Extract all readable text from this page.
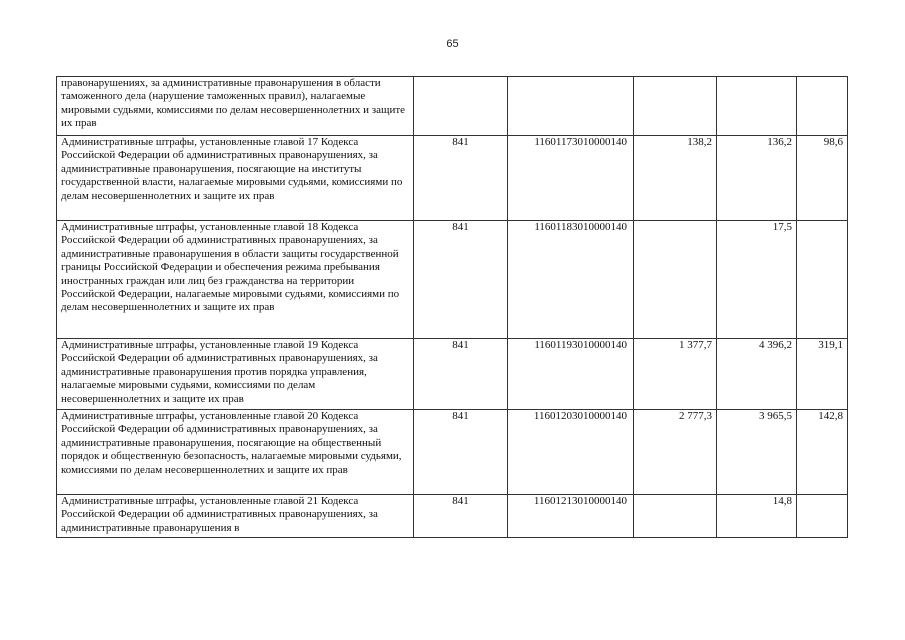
65
правонарушениях, за административные правонарушения в области таможенного дела (нарушение таможенных правил), налагаемые мировыми судьями, комиссиями по делам несовершеннолетних и защите их прав					
Административные штрафы, установленные главой 17 Кодекса Российской Федерации об административных правонарушениях, за административные правонарушения, посягающие на институты государственной власти, налагаемые мировыми судьями, комиссиями по делам несовершеннолетних и защите их прав	841	11601173010000140	138,2	136,2	98,6
Административные штрафы, установленные главой 18 Кодекса Российской Федерации об административных правонарушениях, за административные правонарушения в области защиты государственной границы Российской Федерации и обеспечения режима пребывания иностранных граждан или лиц без гражданства на территории Российской Федерации, налагаемые мировыми судьями, комиссиями по делам несовершеннолетних и защите их прав	841	11601183010000140		17,5	
Административные штрафы, установленные главой 19 Кодекса Российской Федерации об административных правонарушениях, за административные правонарушения против порядка управления, налагаемые мировыми судьями, комиссиями по делам несовершеннолетних и защите их прав	841	11601193010000140	1 377,7	4 396,2	319,1
Административные штрафы, установленные главой 20 Кодекса Российской Федерации об административных правонарушениях, за административные правонарушения, посягающие на общественный порядок и общественную безопасность, налагаемые мировыми судьями, комиссиями по делам несовершеннолетних и защите их прав	841	11601203010000140	2 777,3	3 965,5	142,8
Административные штрафы, установленные главой 21 Кодекса Российской Федерации об административных правонарушениях, за административные правонарушения в	841	11601213010000140		14,8	
